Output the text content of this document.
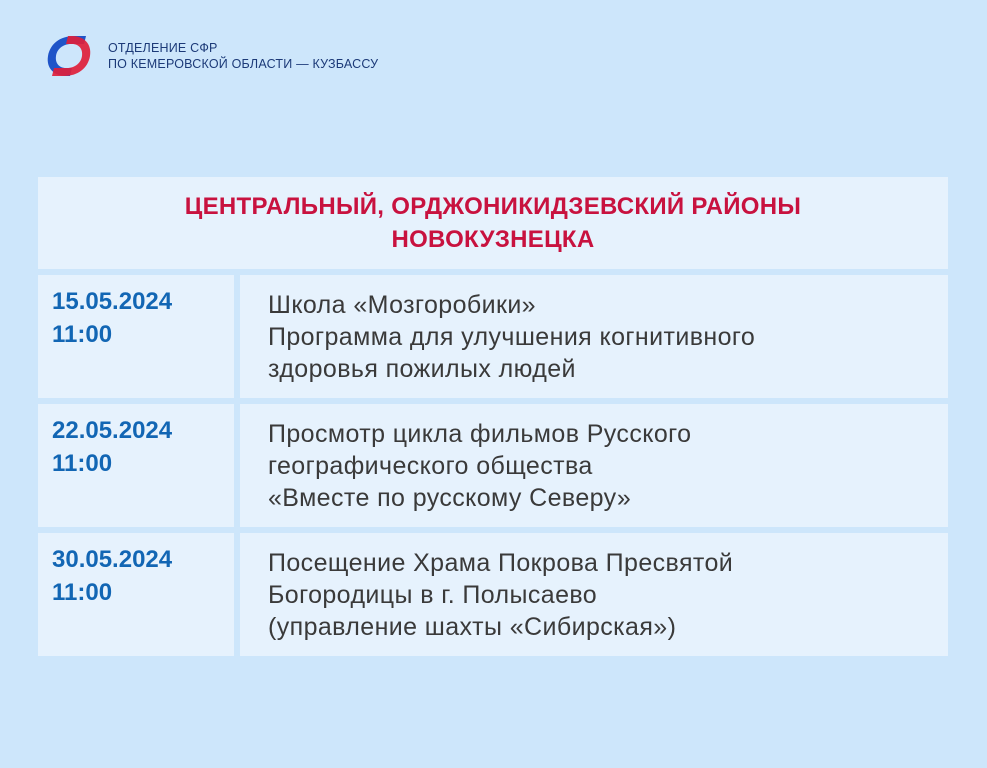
ОТДЕЛЕНИЕ СФР
ПО КЕМЕРОВСКОЙ ОБЛАСТИ — КУЗБАССУ
ЦЕНТРАЛЬНЫЙ, ОРДЖОНИКИДЗЕВСКИЙ РАЙОНЫ
НОВОКУЗНЕЦКА
15.05.2024
11:00
Школа «Мозгоробики»
Программа для улучшения когнитивного
здоровья пожилых людей
22.05.2024
11:00
Просмотр цикла фильмов Русского
географического общества
«Вместе по русскому Северу»
30.05.2024
11:00
Посещение Храма Покрова Пресвятой
Богородицы в г. Полысаево
(управление шахты «Сибирская»)
